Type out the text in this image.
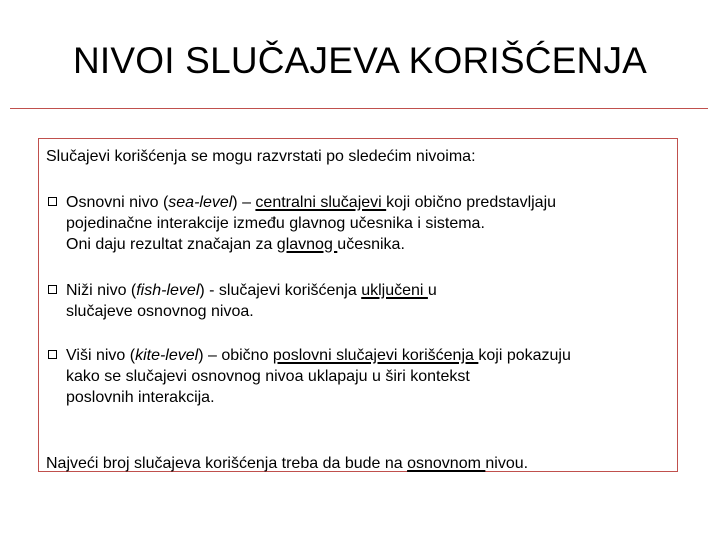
NIVOI SLUČAJEVA KORIŠĆENJA
Slučajevi korišćenja se mogu razvrstati po sledećim nivoima:
Osnovni nivo (sea-level) – centralni slučajevi koji obično predstavljaju
pojedinačne interakcije između glavnog učesnika i sistema.
Oni daju rezultat značajan za glavnog učesnika.
Niži nivo (fish-level) - slučajevi korišćenja uključeni u
slučajeve osnovnog nivoa.
Viši nivo (kite-level) – obično poslovni slučajevi korišćenja koji pokazuju
kako se slučajevi osnovnog nivoa uklapaju u širi kontekst
poslovnih interakcija.
Najveći broj slučajeva korišćenja treba da bude na osnovnom nivou.
